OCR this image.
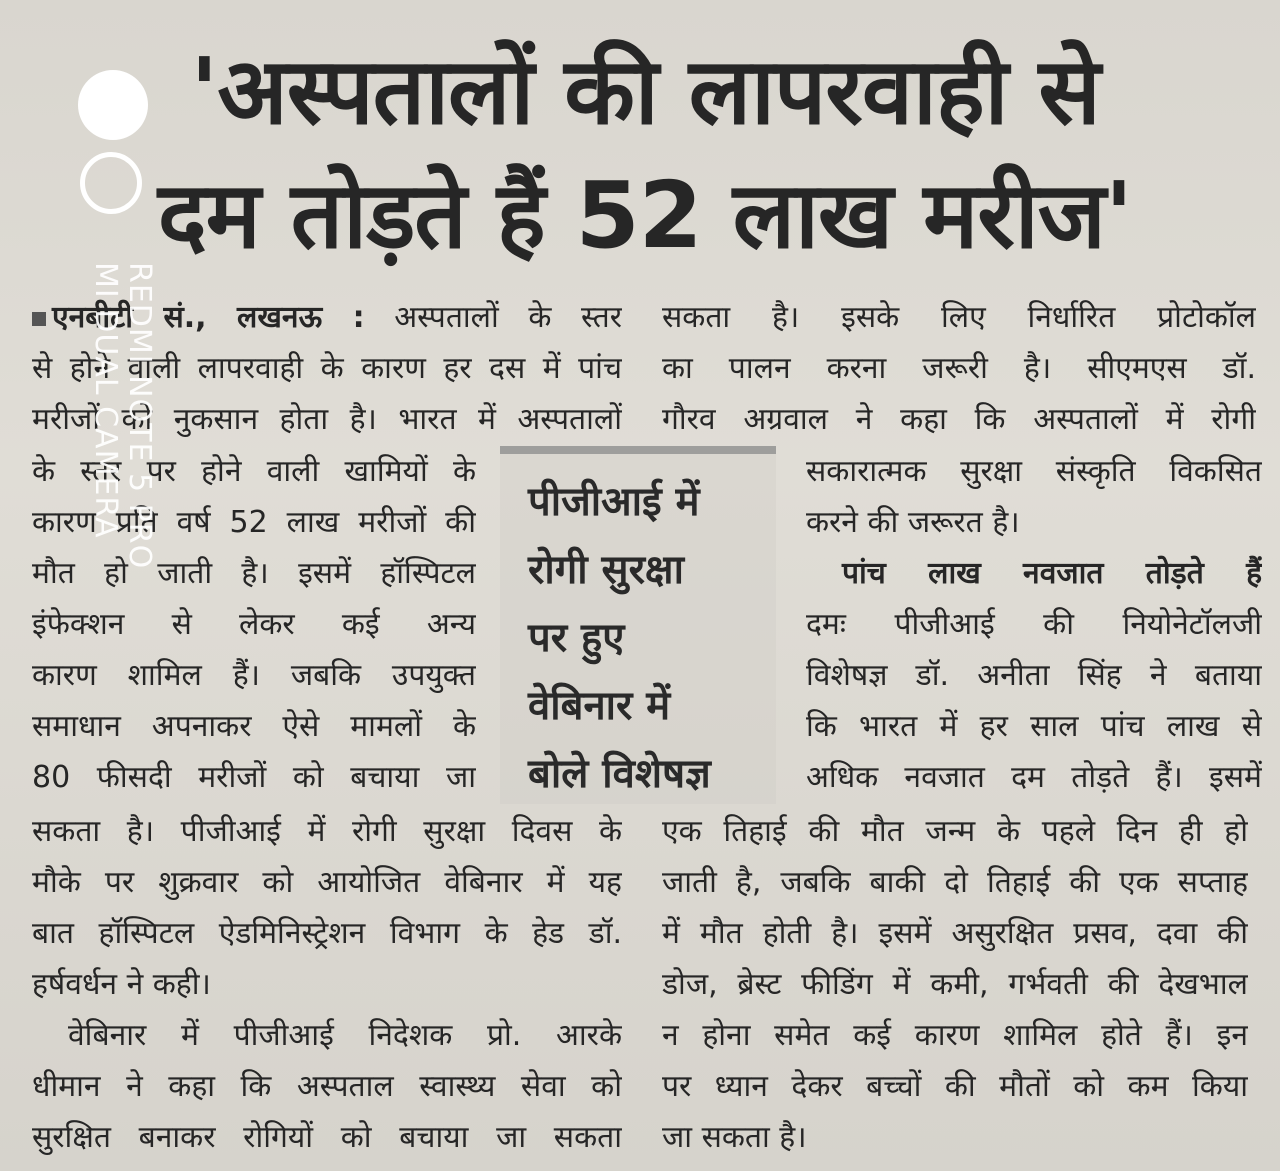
'अस्पतालों की लापरवाही से
दम तोड़ते हैं 52 लाख मरीज'
एनबीटी सं., लखनऊ : अस्पतालों के स्तर
से होने वाली लापरवाही के कारण हर दस में पांच
मरीजों को नुकसान होता है। भारत में अस्पतालों
के स्तर पर होने वाली खामियों के
कारण प्रति वर्ष 52 लाख मरीजों की
मौत हो जाती है। इसमें हॉस्पिटल
इंफेक्शन से लेकर कई अन्य
कारण शामिल हैं। जबकि उपयुक्त
समाधान अपनाकर ऐसे मामलों के
80 फीसदी मरीजों को बचाया जा
सकता है। पीजीआई में रोगी सुरक्षा दिवस के
मौके पर शुक्रवार को आयोजित वेबिनार में यह
बात हॉस्पिटल ऐडमिनिस्ट्रेशन विभाग के हेड डॉ.
हर्षवर्धन ने कही।
वेबिनार में पीजीआई निदेशक प्रो. आरके
धीमान ने कहा कि अस्पताल स्वास्थ्य सेवा को
सुरक्षित बनाकर रोगियों को बचाया जा सकता
पीजीआई में
रोगी सुरक्षा
पर हुए
वेबिनार में
बोले विशेषज्ञ
सकता है। इसके लिए निर्धारित प्रोटोकॉल
का पालन करना जरूरी है। सीएमएस डॉ.
गौरव अग्रवाल ने कहा कि अस्पतालों में रोगी
सकारात्मक सुरक्षा संस्कृति विकसित
करने की जरूरत है।
पांच लाख नवजात तोड़ते हैं
दमः पीजीआई की नियोनेटॉलजी
विशेषज्ञ डॉ. अनीता सिंह ने बताया
कि भारत में हर साल पांच लाख से
अधिक नवजात दम तोड़ते हैं। इसमें
एक तिहाई की मौत जन्म के पहले दिन ही हो
जाती है, जबकि बाकी दो तिहाई की एक सप्ताह
में मौत होती है। इसमें असुरक्षित प्रसव, दवा की
डोज, ब्रेस्ट फीडिंग में कमी, गर्भवती की देखभाल
न होना समेत कई कारण शामिल होते हैं। इन
पर ध्यान देकर बच्चों की मौतों को कम किया
जा सकता है।
REDMI NOTE 5 PRO
MI DUAL CAMERA
